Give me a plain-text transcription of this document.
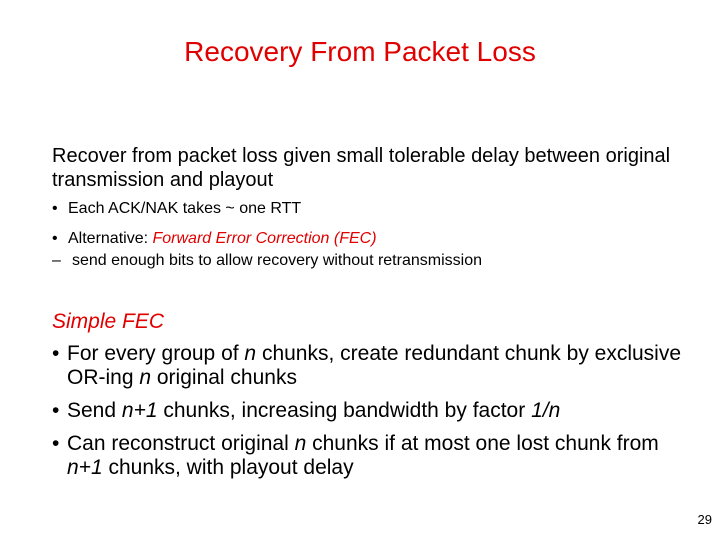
Recovery From Packet Loss
Recover from packet loss given small tolerable delay between original transmission and playout
• Each ACK/NAK takes ~ one RTT
• Alternative: Forward Error Correction (FEC)
– send enough bits to allow recovery without retransmission
Simple FEC
• For every group of n chunks, create redundant chunk by exclusive OR-ing n original chunks
• Send n+1 chunks, increasing bandwidth by factor 1/n
• Can reconstruct original n chunks if at most one lost chunk from n+1 chunks, with playout delay
29
